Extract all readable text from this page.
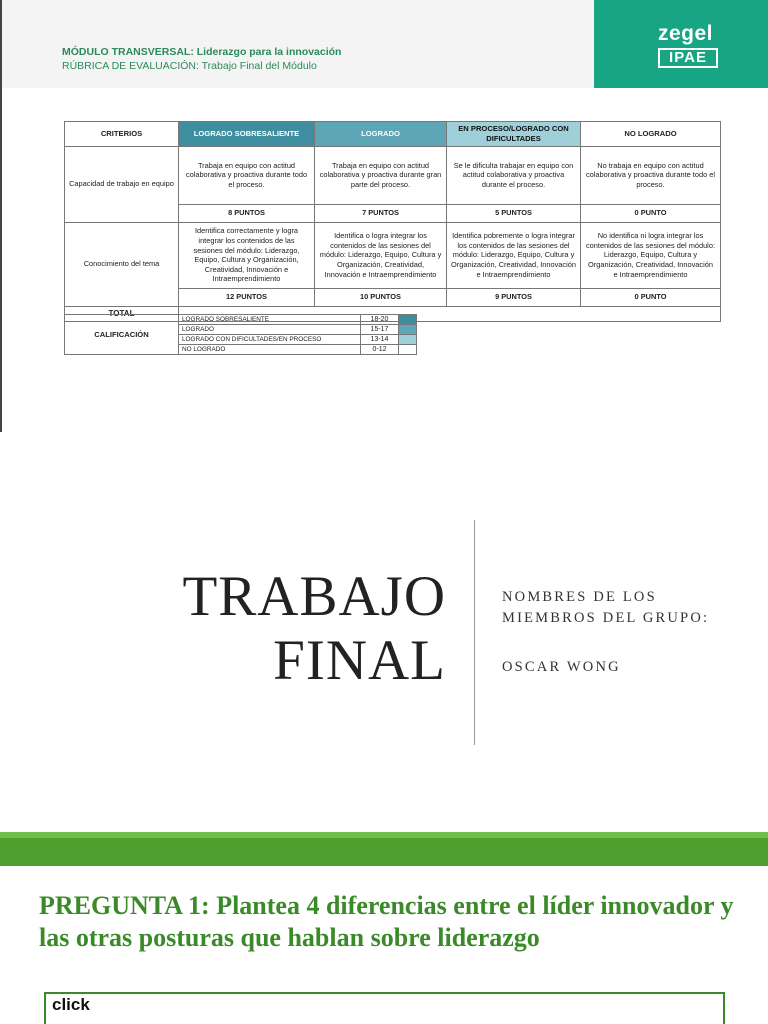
MÓDULO TRANSVERSAL: Liderazgo para la innovación
RÚBRICA DE EVALUACIÓN: Trabajo Final del Módulo
zegel
IPAE
CRITERIOS	LOGRADO SOBRESALIENTE	LOGRADO	EN PROCESO/LOGRADO CON DIFICULTADES	NO LOGRADO
Capacidad de trabajo en equipo	Trabaja en equipo con actitud colaborativa y proactiva durante todo el proceso.	Trabaja en equipo con actitud colaborativa y proactiva durante gran parte del proceso.	Se le dificulta trabajar en equipo con actitud colaborativa y proactiva durante el proceso.	No trabaja en equipo con actitud colaborativa y proactiva durante todo el proceso.
	8 PUNTOS	7 PUNTOS	5 PUNTOS	0 PUNTO
Conocimiento del tema	Identifica correctamente y logra integrar los contenidos de las sesiones del módulo: Liderazgo, Equipo, Cultura y Organización, Creatividad, Innovación e Intraemprendimiento	Identifica o logra integrar los contenidos de las sesiones del módulo: Liderazgo, Equipo, Cultura y Organización, Creatividad, Innovación e Intraemprendimiento	Identifica pobremente o logra integrar los contenidos de las sesiones del módulo: Liderazgo, Equipo, Cultura y Organización, Creatividad, Innovación e Intraemprendimiento	No identifica ni logra integrar los contenidos de las sesiones del módulo: Liderazgo, Equipo, Cultura y Organización, Creatividad, Innovación e Intraemprendimiento
	12 PUNTOS	10 PUNTOS	9 PUNTOS	0 PUNTO
TOTAL				
CALIFICACIÓN	LOGRADO SOBRESALIENTE	18-20	
	LOGRADO	15-17	
	LOGRADO CON DIFICULTADES/EN PROCESO	13-14	
	NO LOGRADO	0-12	
TRABAJO
FINAL
NOMBRES DE LOS MIEMBROS DEL GRUPO:
OSCAR WONG
PREGUNTA 1: Plantea 4 diferencias entre el líder innovador y las otras posturas que hablan sobre liderazgo
click
